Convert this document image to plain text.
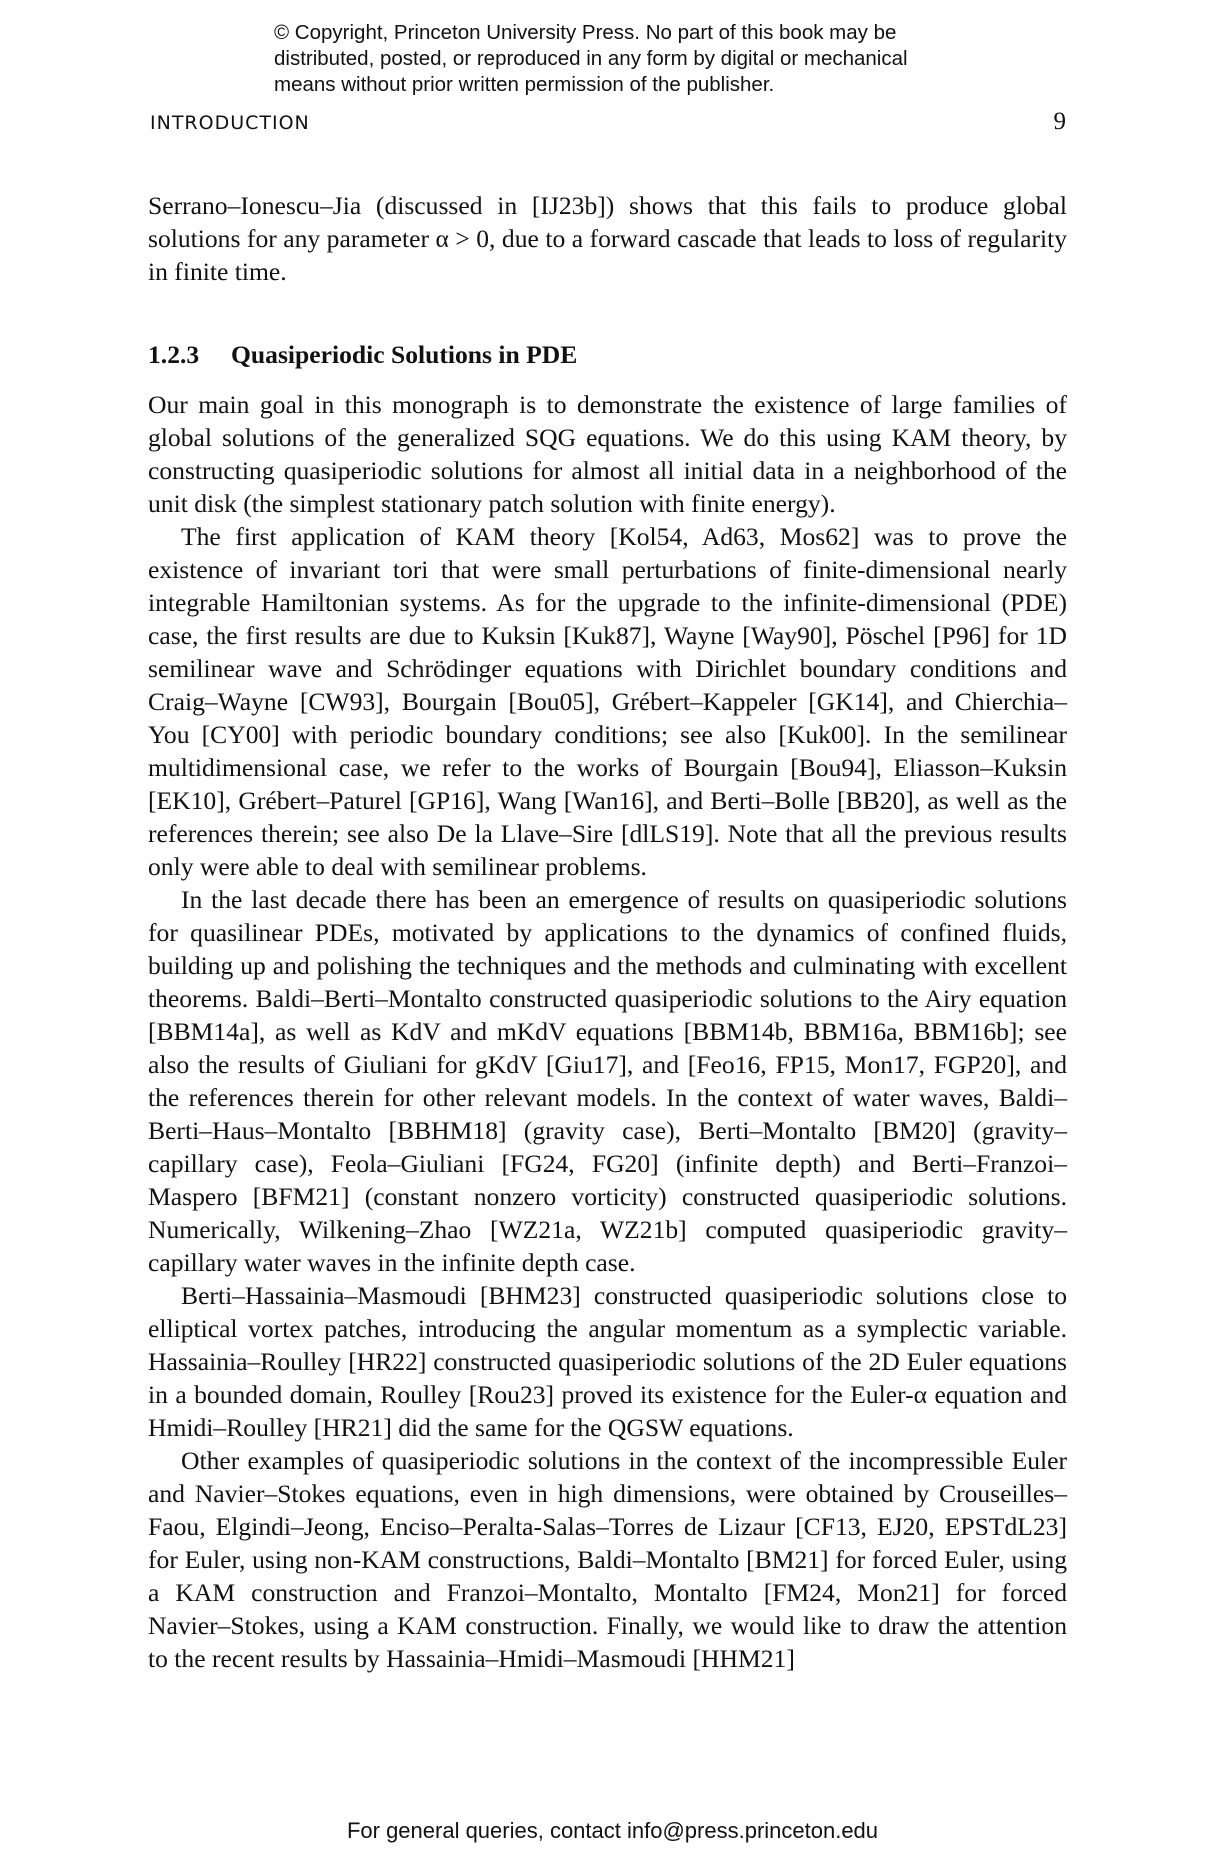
© Copyright, Princeton University Press. No part of this book may be
distributed, posted, or reproduced in any form by digital or mechanical
means without prior written permission of the publisher.
INTRODUCTION	9

Serrano–Ionescu–Jia (discussed in [IJ23b]) shows that this fails to produce global solutions for any parameter α > 0, due to a forward cascade that leads to loss of regularity in finite time.

1.2.3 Quasiperiodic Solutions in PDE

Our main goal in this monograph is to demonstrate the existence of large families of global solutions of the generalized SQG equations. We do this using KAM theory, by constructing quasiperiodic solutions for almost all initial data in a neighborhood of the unit disk (the simplest stationary patch solution with finite energy).

The first application of KAM theory [Kol54, Ad63, Mos62] was to prove the existence of invariant tori that were small perturbations of finite-dimensional nearly integrable Hamiltonian systems. As for the upgrade to the infinite-dimensional (PDE) case, the first results are due to Kuksin [Kuk87], Wayne [Way90], Pöschel [P96] for 1D semilinear wave and Schrödinger equations with Dirichlet boundary conditions and Craig–Wayne [CW93], Bourgain [Bou05], Grébert–Kappeler [GK14], and Chierchia–You [CY00] with periodic boundary conditions; see also [Kuk00]. In the semilinear multidimensional case, we refer to the works of Bourgain [Bou94], Eliasson–Kuksin [EK10], Grébert–Paturel [GP16], Wang [Wan16], and Berti–Bolle [BB20], as well as the references therein; see also De la Llave–Sire [dlLS19]. Note that all the previous results only were able to deal with semilinear problems.

In the last decade there has been an emergence of results on quasiperiodic solutions for quasilinear PDEs, motivated by applications to the dynamics of confined fluids, building up and polishing the techniques and the methods and culminating with excellent theorems. Baldi–Berti–Montalto constructed quasiperiodic solutions to the Airy equation [BBM14a], as well as KdV and mKdV equations [BBM14b, BBM16a, BBM16b]; see also the results of Giuliani for gKdV [Giu17], and [Feo16, FP15, Mon17, FGP20], and the references therein for other relevant models. In the context of water waves, Baldi–Berti–Haus–Montalto [BBHM18] (gravity case), Berti–Montalto [BM20] (gravity–capillary case), Feola–Giuliani [FG24, FG20] (infinite depth) and Berti–Franzoi–Maspero [BFM21] (constant nonzero vorticity) constructed quasiperiodic solutions. Numerically, Wilkening–Zhao [WZ21a, WZ21b] computed quasiperiodic gravity–capillary water waves in the infinite depth case.

Berti–Hassainia–Masmoudi [BHM23] constructed quasiperiodic solutions close to elliptical vortex patches, introducing the angular momentum as a symplectic variable. Hassainia–Roulley [HR22] constructed quasiperiodic solutions of the 2D Euler equations in a bounded domain, Roulley [Rou23] proved its existence for the Euler-α equation and Hmidi–Roulley [HR21] did the same for the QGSW equations.

Other examples of quasiperiodic solutions in the context of the incompressible Euler and Navier–Stokes equations, even in high dimensions, were obtained by Crouseilles–Faou, Elgindi–Jeong, Enciso–Peralta-Salas–Torres de Lizaur [CF13, EJ20, EPSTdL23] for Euler, using non-KAM constructions, Baldi–Montalto [BM21] for forced Euler, using a KAM construction and Franzoi–Montalto, Montalto [FM24, Mon21] for forced Navier–Stokes, using a KAM construction. Finally, we would like to draw the attention to the recent results by Hassainia–Hmidi–Masmoudi [HHM21]

For general queries, contact info@press.princeton.edu
